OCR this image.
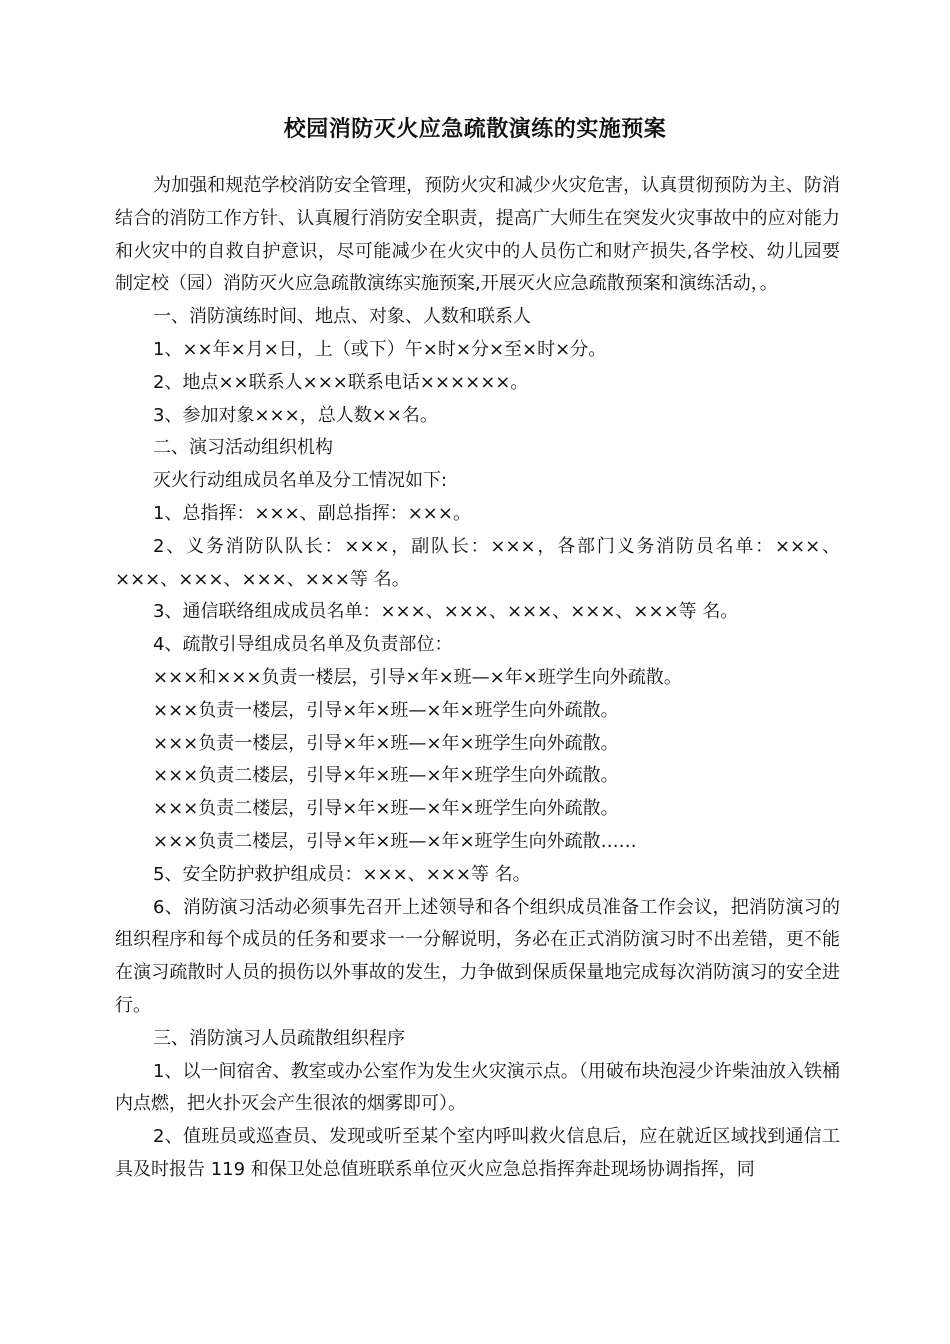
校园消防灭火应急疏散演练的实施预案

为加强和规范学校消防安全管理，预防火灾和减少火灾危害，认真贯彻预防为主、防消结合的消防工作方针、认真履行消防安全职责，提高广大师生在突发火灾事故中的应对能力和火灾中的自救自护意识，尽可能减少在火灾中的人员伤亡和财产损失,各学校、幼儿园要制定校（园）消防灭火应急疏散演练实施预案,开展灭火应急疏散预案和演练活动，。

一、消防演练时间、地点、对象、人数和联系人

1、××年×月×日，上（或下）午×时×分×至×时×分。

2、地点××联系人×××联系电话××××××。

3、参加对象×××，总人数××名。

二、演习活动组织机构

灭火行动组成员名单及分工情况如下:

1、总指挥：×××、副总指挥：×××。

2、义务消防队队长：×××，副队长：×××，各部门义务消防员名单：×××、×××、×××、×××、×××等 名。

3、通信联络组成成员名单：×××、×××、×××、×××、×××等 名。

4、疏散引导组成员名单及负责部位：

×××和×××负责一楼层，引导×年×班—×年×班学生向外疏散。

×××负责一楼层，引导×年×班—×年×班学生向外疏散。

×××负责一楼层，引导×年×班—×年×班学生向外疏散。

×××负责二楼层，引导×年×班—×年×班学生向外疏散。

×××负责二楼层，引导×年×班—×年×班学生向外疏散。

×××负责二楼层，引导×年×班—×年×班学生向外疏散……

5、安全防护救护组成员：×××、×××等 名。

6、消防演习活动必须事先召开上述领导和各个组织成员准备工作会议，把消防演习的组织程序和每个成员的任务和要求一一分解说明，务必在正式消防演习时不出差错，更不能在演习疏散时人员的损伤以外事故的发生，力争做到保质保量地完成每次消防演习的安全进行。

三、消防演习人员疏散组织程序

1、以一间宿舍、教室或办公室作为发生火灾演示点。（用破布块泡浸少许柴油放入铁桶内点燃，把火扑灭会产生很浓的烟雾即可）。

2、值班员或巡查员、发现或听至某个室内呼叫救火信息后，应在就近区域找到通信工具及时报告 119 和保卫处总值班联系单位灭火应急总指挥奔赴现场协调指挥，同
